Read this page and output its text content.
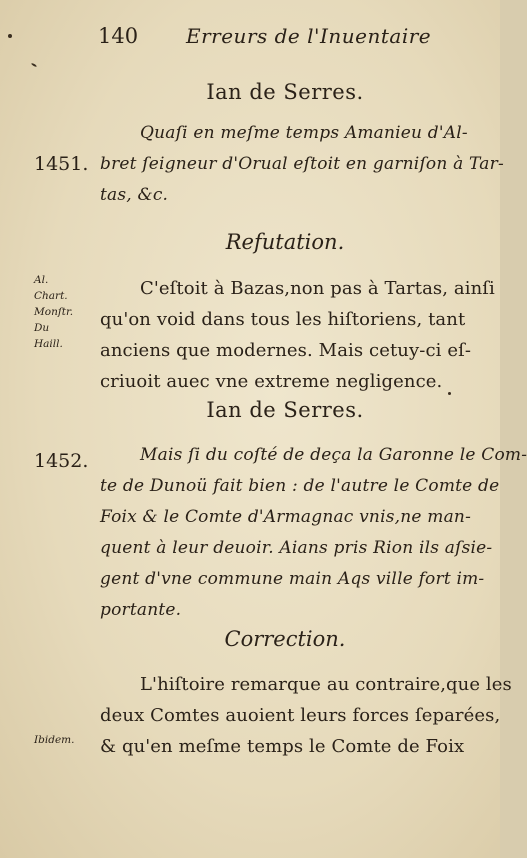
140 Erreurs de l'Inuentaire
Ian de Serres.
1451.
Quaſi en meſme temps Amanieu d'Al-
bret ſeigneur d'Orual eſtoit en garniſon à Tar-
tas, &c.
Refutation.
Al.
Chart.
Monſtr.
Du
Haill.
C'eſtoit à Bazas,non pas à Tartas, ainſi
qu'on void dans tous les hiſtoriens, tant
anciens que modernes. Mais cetuy-ci eſ-
criuoit auec vne extreme negligence.
Ian de Serres.
1452.	Mais ſi du coſté de deça la Garonne le Com-
te de Dunoü fait bien : de l'autre le Comte de
Foix & le Comte d'Armagnac vnis,ne man-
quent à leur deuoir. Aians pris Rion ils aſsie-
gent d'vne commune main Aqs ville fort im-
portante.
Correction.
Ibidem.
L'hiſtoire remarque au contraire,que les
deux Comtes auoient leurs forces ſeparées,
& qu'en meſme temps le Comte de Foix
